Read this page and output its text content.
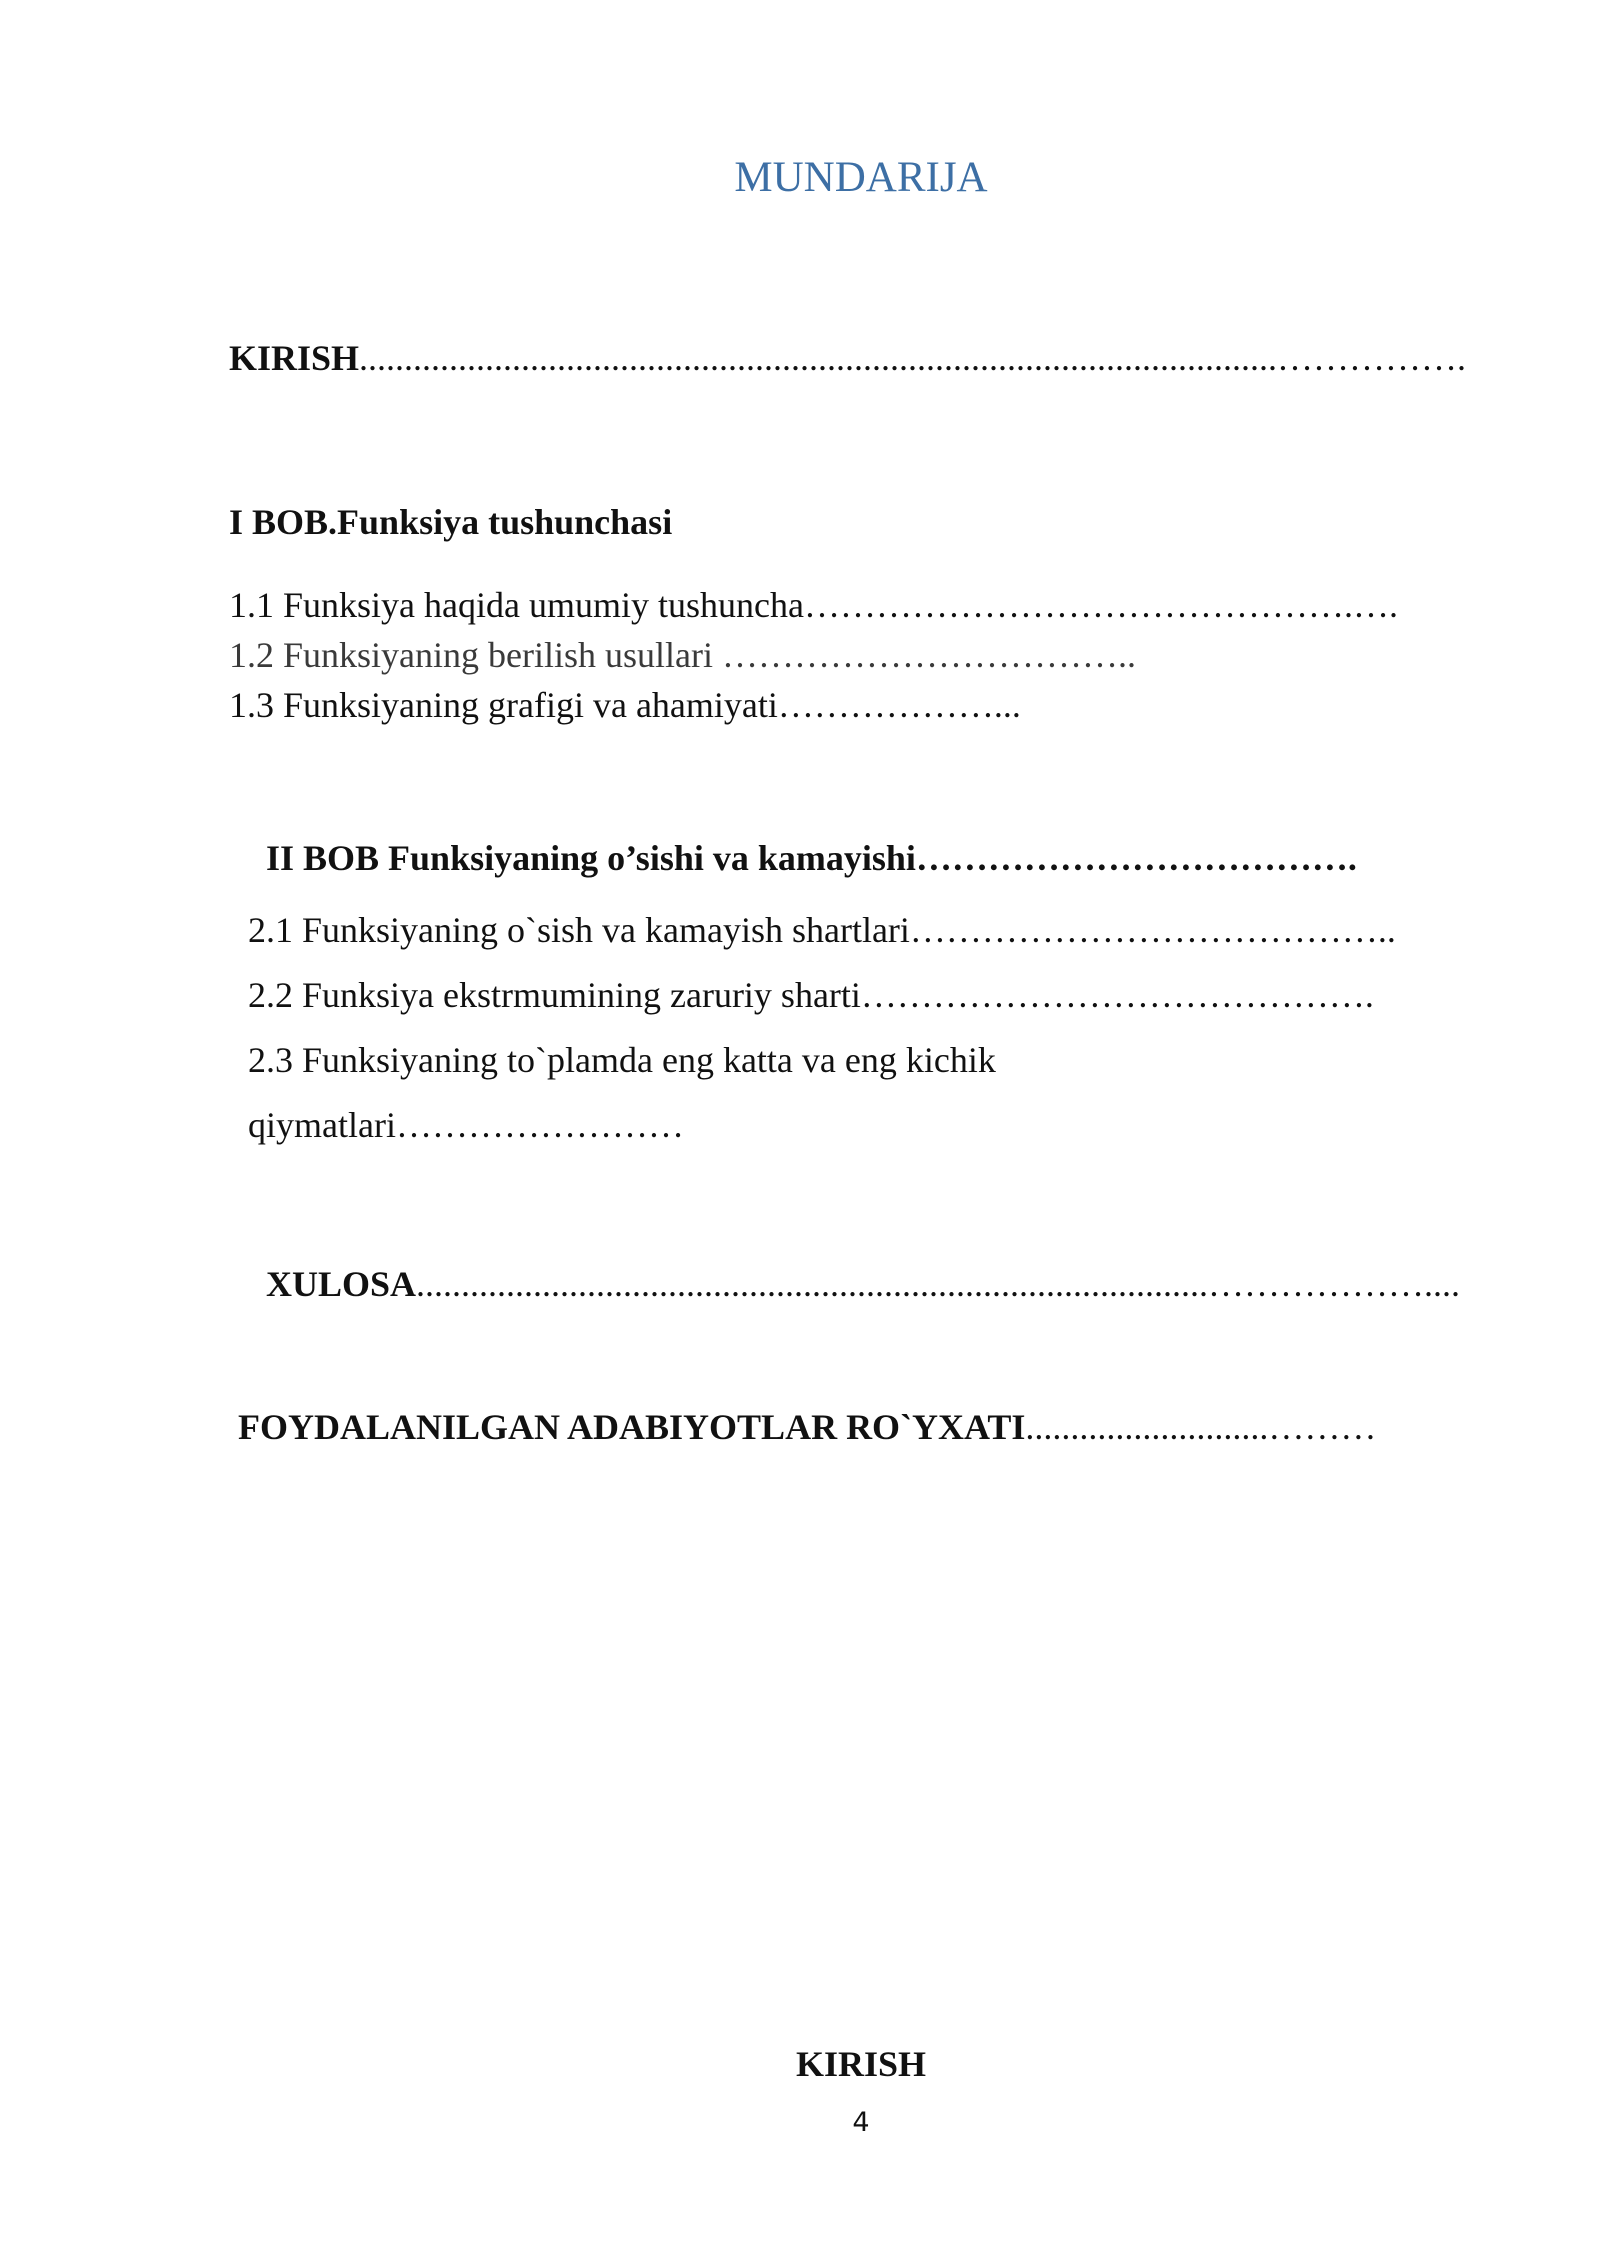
MUNDARIJA
KIRISH......................................................................................................…………….
I BOB.Funksiya tushunchasi
1.1 Funksiya haqida umumiy tushuncha……………………………………….….
1.2 Funksiyaning berilish usullari ……………………………..
1.3 Funksiyaning grafigi va ahamiyati………………...
II BOB Funksiyaning o’sishi va kamayishi……………………………….
2.1 Funksiyaning o`sish va kamayish shartlari…………………………………..
2.2 Funksiya ekstrmumining zaruriy sharti…………………………………….
2.3 Funksiyaning to`plamda eng katta va eng kichik
qiymatlari……………………
XULOSA........................................................................................………………....
FOYDALANILGAN ADABIYOTLAR RO`YXATI...........................………
KIRISH
4
